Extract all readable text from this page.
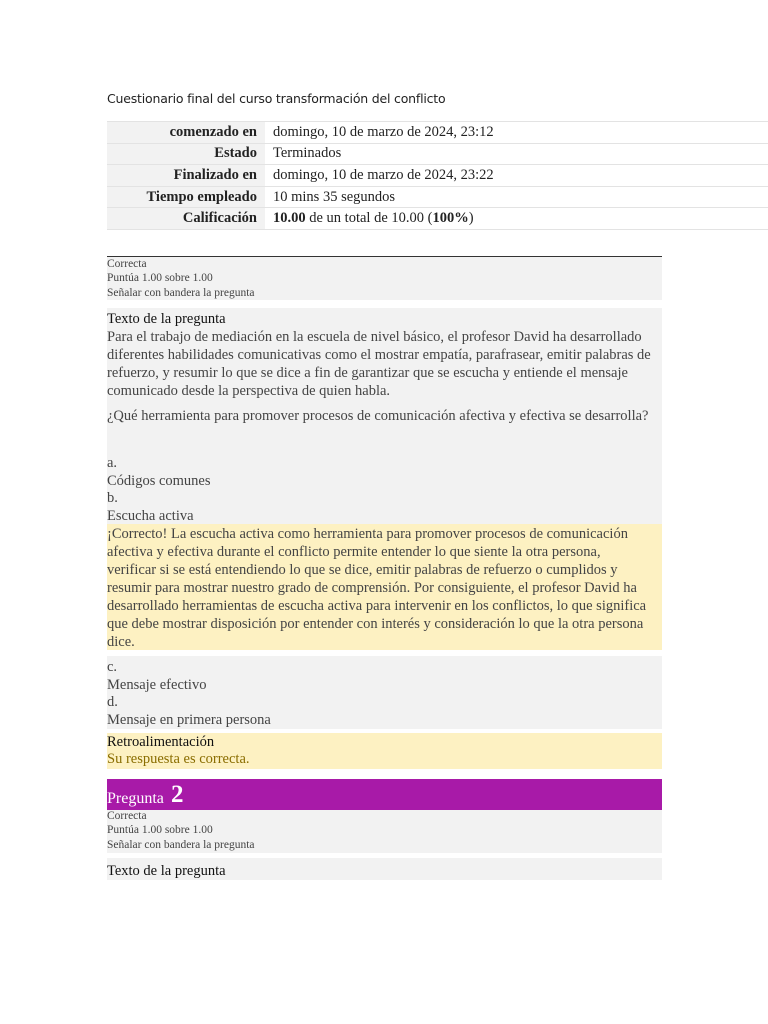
Cuestionario final del curso transformación del conflicto
comenzado en	domingo, 10 de marzo de 2024, 23:12
Estado	Terminados
Finalizado en	domingo, 10 de marzo de 2024, 23:22
Tiempo empleado	10 mins 35 segundos
Calificación	10.00 de un total de 10.00 (100%)
Correcta
Puntúa 1.00 sobre 1.00
Señalar con bandera la pregunta
Texto de la pregunta
Para el trabajo de mediación en la escuela de nivel básico, el profesor David ha desarrollado diferentes habilidades comunicativas como el mostrar empatía, parafrasear, emitir palabras de refuerzo, y resumir lo que se dice a fin de garantizar que se escucha y entiende el mensaje comunicado desde la perspectiva de quien habla.
¿Qué herramienta para promover procesos de comunicación afectiva y efectiva se desarrolla?
a.
Códigos comunes
b.
Escucha activa
¡Correcto! La escucha activa como herramienta para promover procesos de comunicación afectiva y efectiva durante el conflicto permite entender lo que siente la otra persona, verificar si se está entendiendo lo que se dice, emitir palabras de refuerzo o cumplidos y resumir para mostrar nuestro grado de comprensión. Por consiguiente, el profesor David ha desarrollado herramientas de escucha activa para intervenir en los conflictos, lo que significa que debe mostrar disposición por entender con interés y consideración lo que la otra persona dice.
c.
Mensaje efectivo
d.
Mensaje en primera persona
Retroalimentación
Su respuesta es correcta.
Pregunta 2
Correcta
Puntúa 1.00 sobre 1.00
Señalar con bandera la pregunta
Texto de la pregunta
